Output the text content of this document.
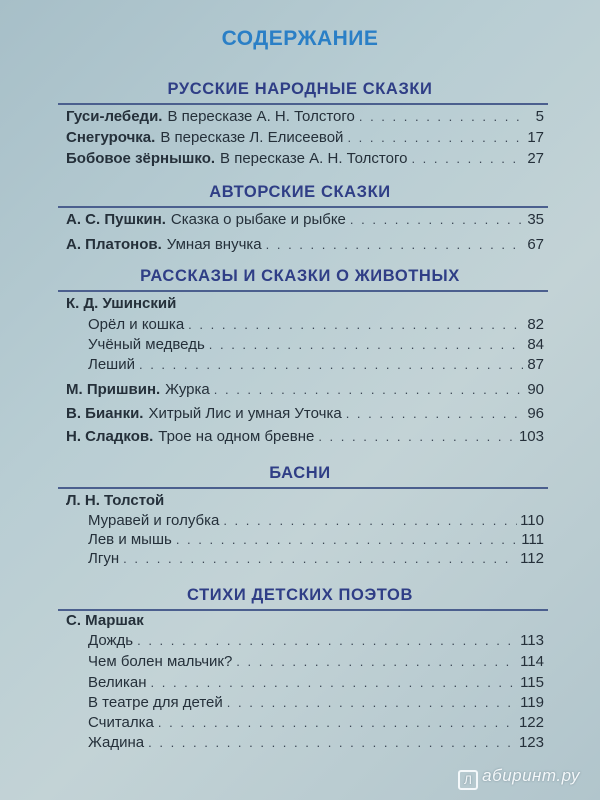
СОДЕРЖАНИЕ
РУССКИЕ НАРОДНЫЕ СКАЗКИ
Гуси-лебеди. В пересказе А. Н. Толстого . . .	5
Снегурочка. В пересказе Л. Елисеевой . . .	17
Бобовое зёрнышко. В пересказе А. Н. Толстого . . .	27
АВТОРСКИЕ СКАЗКИ
А. С. Пушкин. Сказка о рыбаке и рыбке . . .	35
А. Платонов. Умная внучка . . .	67
РАССКАЗЫ И СКАЗКИ О ЖИВОТНЫХ
К. Д. Ушинский
Орёл и кошка . . .	82
Учёный медведь . . .	84
Леший . . .	87
М. Пришвин. Журка . . .	90
В. Бианки. Хитрый Лис и умная Уточка . . .	96
Н. Сладков. Трое на одном бревне . . .	103
БАСНИ
Л. Н. Толстой
Муравей и голубка . . .	110
Лев и мышь . . .	111
Лгун . . .	112
СТИХИ ДЕТСКИХ ПОЭТОВ
С. Маршак
Дождь . . .	113
Чем болен мальчик? . . .	114
Великан . . .	115
В театре для детей . . .	119
Считалка . . .	122
Жадина . . .	123
Л абиринт.ру
